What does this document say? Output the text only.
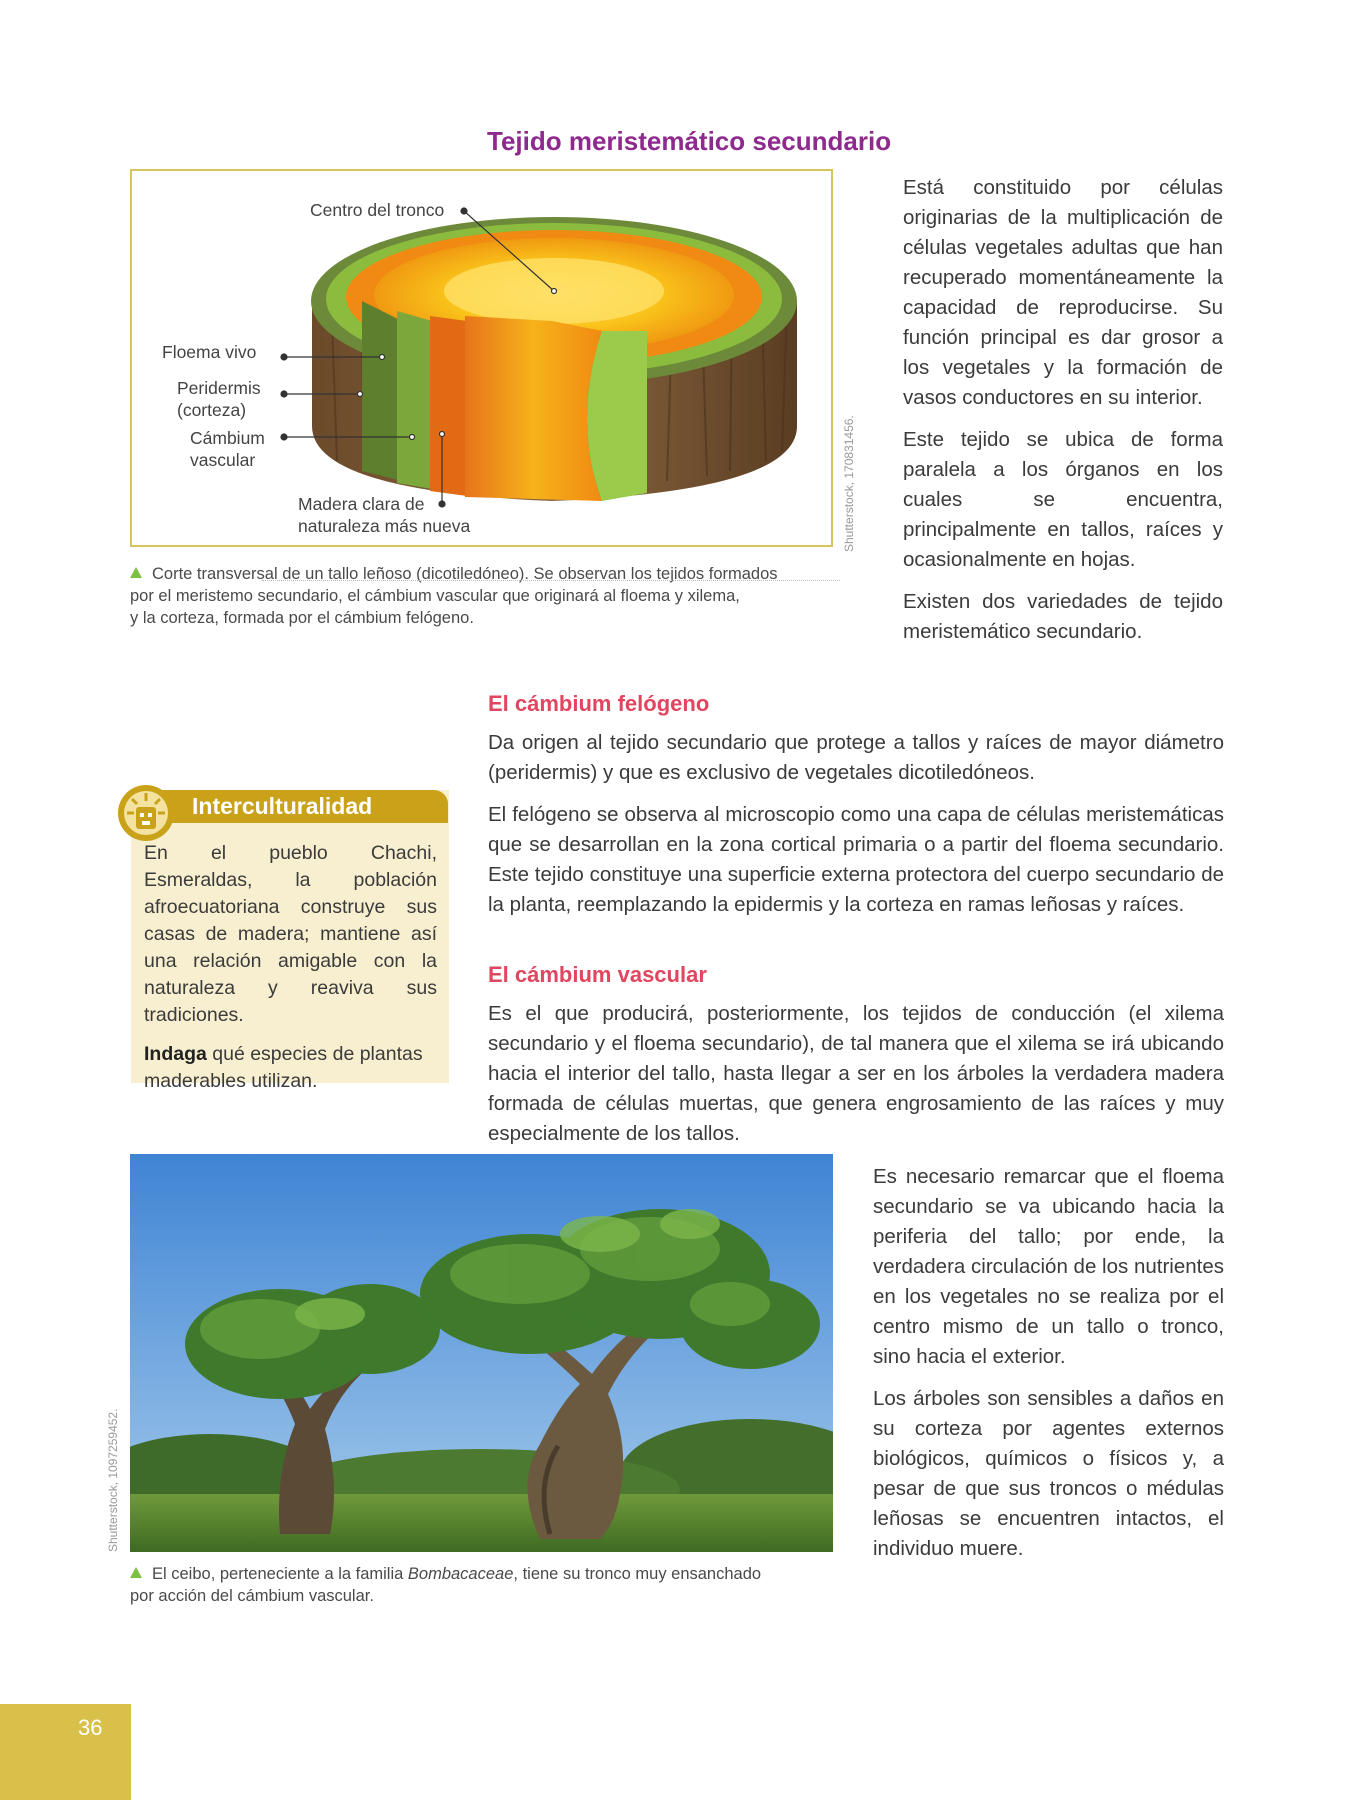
Tejido meristemático secundario
Centro del tronco
Floema vivo
Peridermis
(corteza)
Cámbium
vascular
Madera clara de
naturaleza más nueva	Shutterstock, 170831456.
Corte transversal de un tallo leñoso (dicotiledóneo). Se observan los tejidos formados
por el meristemo secundario, el cámbium vascular que originará al floema y xilema,
y la corteza, formada por el cámbium felógeno.

Está constituido por células originarias de la multiplicación de células vegetales adultas que han recuperado momentáneamente la capacidad de reproducirse. Su función principal es dar grosor a los vegetales y la formación de vasos conductores en su interior.

Este tejido se ubica de forma paralela a los órganos en los cuales se encuentra, principalmente en tallos, raíces y ocasionalmente en hojas.

Existen dos variedades de tejido meristemático secundario.

El cámbium felógeno

Da origen al tejido secundario que protege a tallos y raíces de mayor diámetro (peridermis) y que es exclusivo de vegetales dicotiledóneos.

El felógeno se observa al microscopio como una capa de células meristemáticas que se desarrollan en la zona cortical primaria o a partir del floema secundario. Este tejido constituye una superficie externa protectora del cuerpo secundario de la planta, reemplazando la epidermis y la corteza en ramas leñosas y raíces.

El cámbium vascular
Es el que producirá, posteriormente, los tejidos de conducción (el xilema secundario y el floema secundario), de tal manera que el xilema se irá ubicando hacia el interior del tallo, hasta llegar a ser en los árboles la verdadera madera formada de células muertas, que genera engrosamiento de las raíces y muy especialmente de los tallos.
Interculturalidad

En el pueblo Chachi, Esmeraldas, la población afroecuatoriana construye sus casas de madera; mantiene así una relación amigable con la naturaleza y reaviva sus tradiciones.

Indaga qué especies de plantas maderables utilizan.

Shutterstock, 1097259452.
El ceibo, perteneciente a la familia Bombacaceae, tiene su tronco muy ensanchado
por acción del cámbium vascular.

Es necesario remarcar que el floema secundario se va ubicando hacia la periferia del tallo; por ende, la verdadera circulación de los nutrientes en los vegetales no se realiza por el centro mismo de un tallo o tronco, sino hacia el exterior.

Los árboles son sensibles a daños en su corteza por agentes externos biológicos, químicos o físicos y, a pesar de que sus troncos o médulas leñosas se encuentren intactos, el individuo muere.

36
